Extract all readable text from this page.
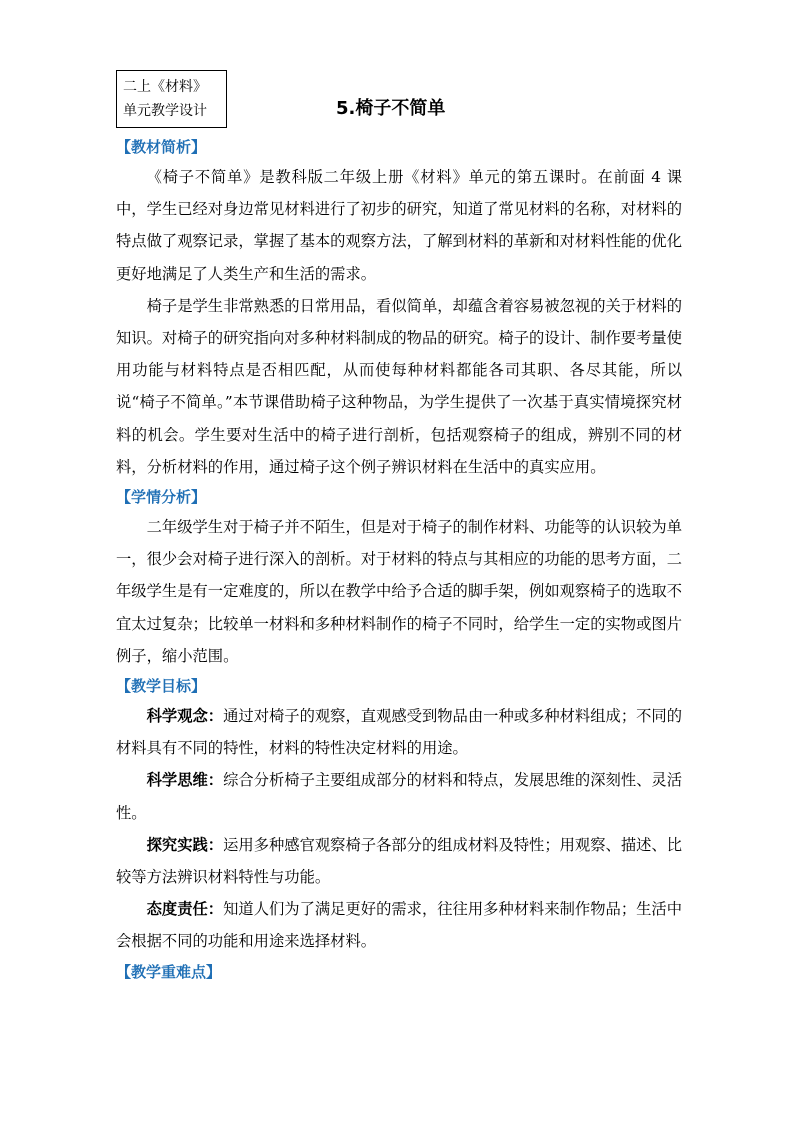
二上《材料》
单元教学设计	5.椅子不简单

【教材简析】

《椅子不简单》是教科版二年级上册《材料》单元的第五课时。在前面 4 课中，学生已经对身边常见材料进行了初步的研究，知道了常见材料的名称，对材料的特点做了观察记录，掌握了基本的观察方法，了解到材料的革新和对材料性能的优化更好地满足了人类生产和生活的需求。

椅子是学生非常熟悉的日常用品，看似简单，却蕴含着容易被忽视的关于材料的知识。对椅子的研究指向对多种材料制成的物品的研究。椅子的设计、制作要考量使用功能与材料特点是否相匹配，从而使每种材料都能各司其职、各尽其能，所以说“椅子不简单。”本节课借助椅子这种物品，为学生提供了一次基于真实情境探究材料的机会。学生要对生活中的椅子进行剖析，包括观察椅子的组成，辨别不同的材料，分析材料的作用，通过椅子这个例子辨识材料在生活中的真实应用。

【学情分析】

二年级学生对于椅子并不陌生，但是对于椅子的制作材料、功能等的认识较为单一，很少会对椅子进行深入的剖析。对于材料的特点与其相应的功能的思考方面，二年级学生是有一定难度的，所以在教学中给予合适的脚手架，例如观察椅子的选取不宜太过复杂；比较单一材料和多种材料制作的椅子不同时，给学生一定的实物或图片例子，缩小范围。

【教学目标】

科学观念：通过对椅子的观察，直观感受到物品由一种或多种材料组成；不同的材料具有不同的特性，材料的特性决定材料的用途。

科学思维：综合分析椅子主要组成部分的材料和特点，发展思维的深刻性、灵活性。

探究实践：运用多种感官观察椅子各部分的组成材料及特性；用观察、描述、比较等方法辨识材料特性与功能。

态度责任：知道人们为了满足更好的需求，往往用多种材料来制作物品；生活中会根据不同的功能和用途来选择材料。

【教学重难点】
